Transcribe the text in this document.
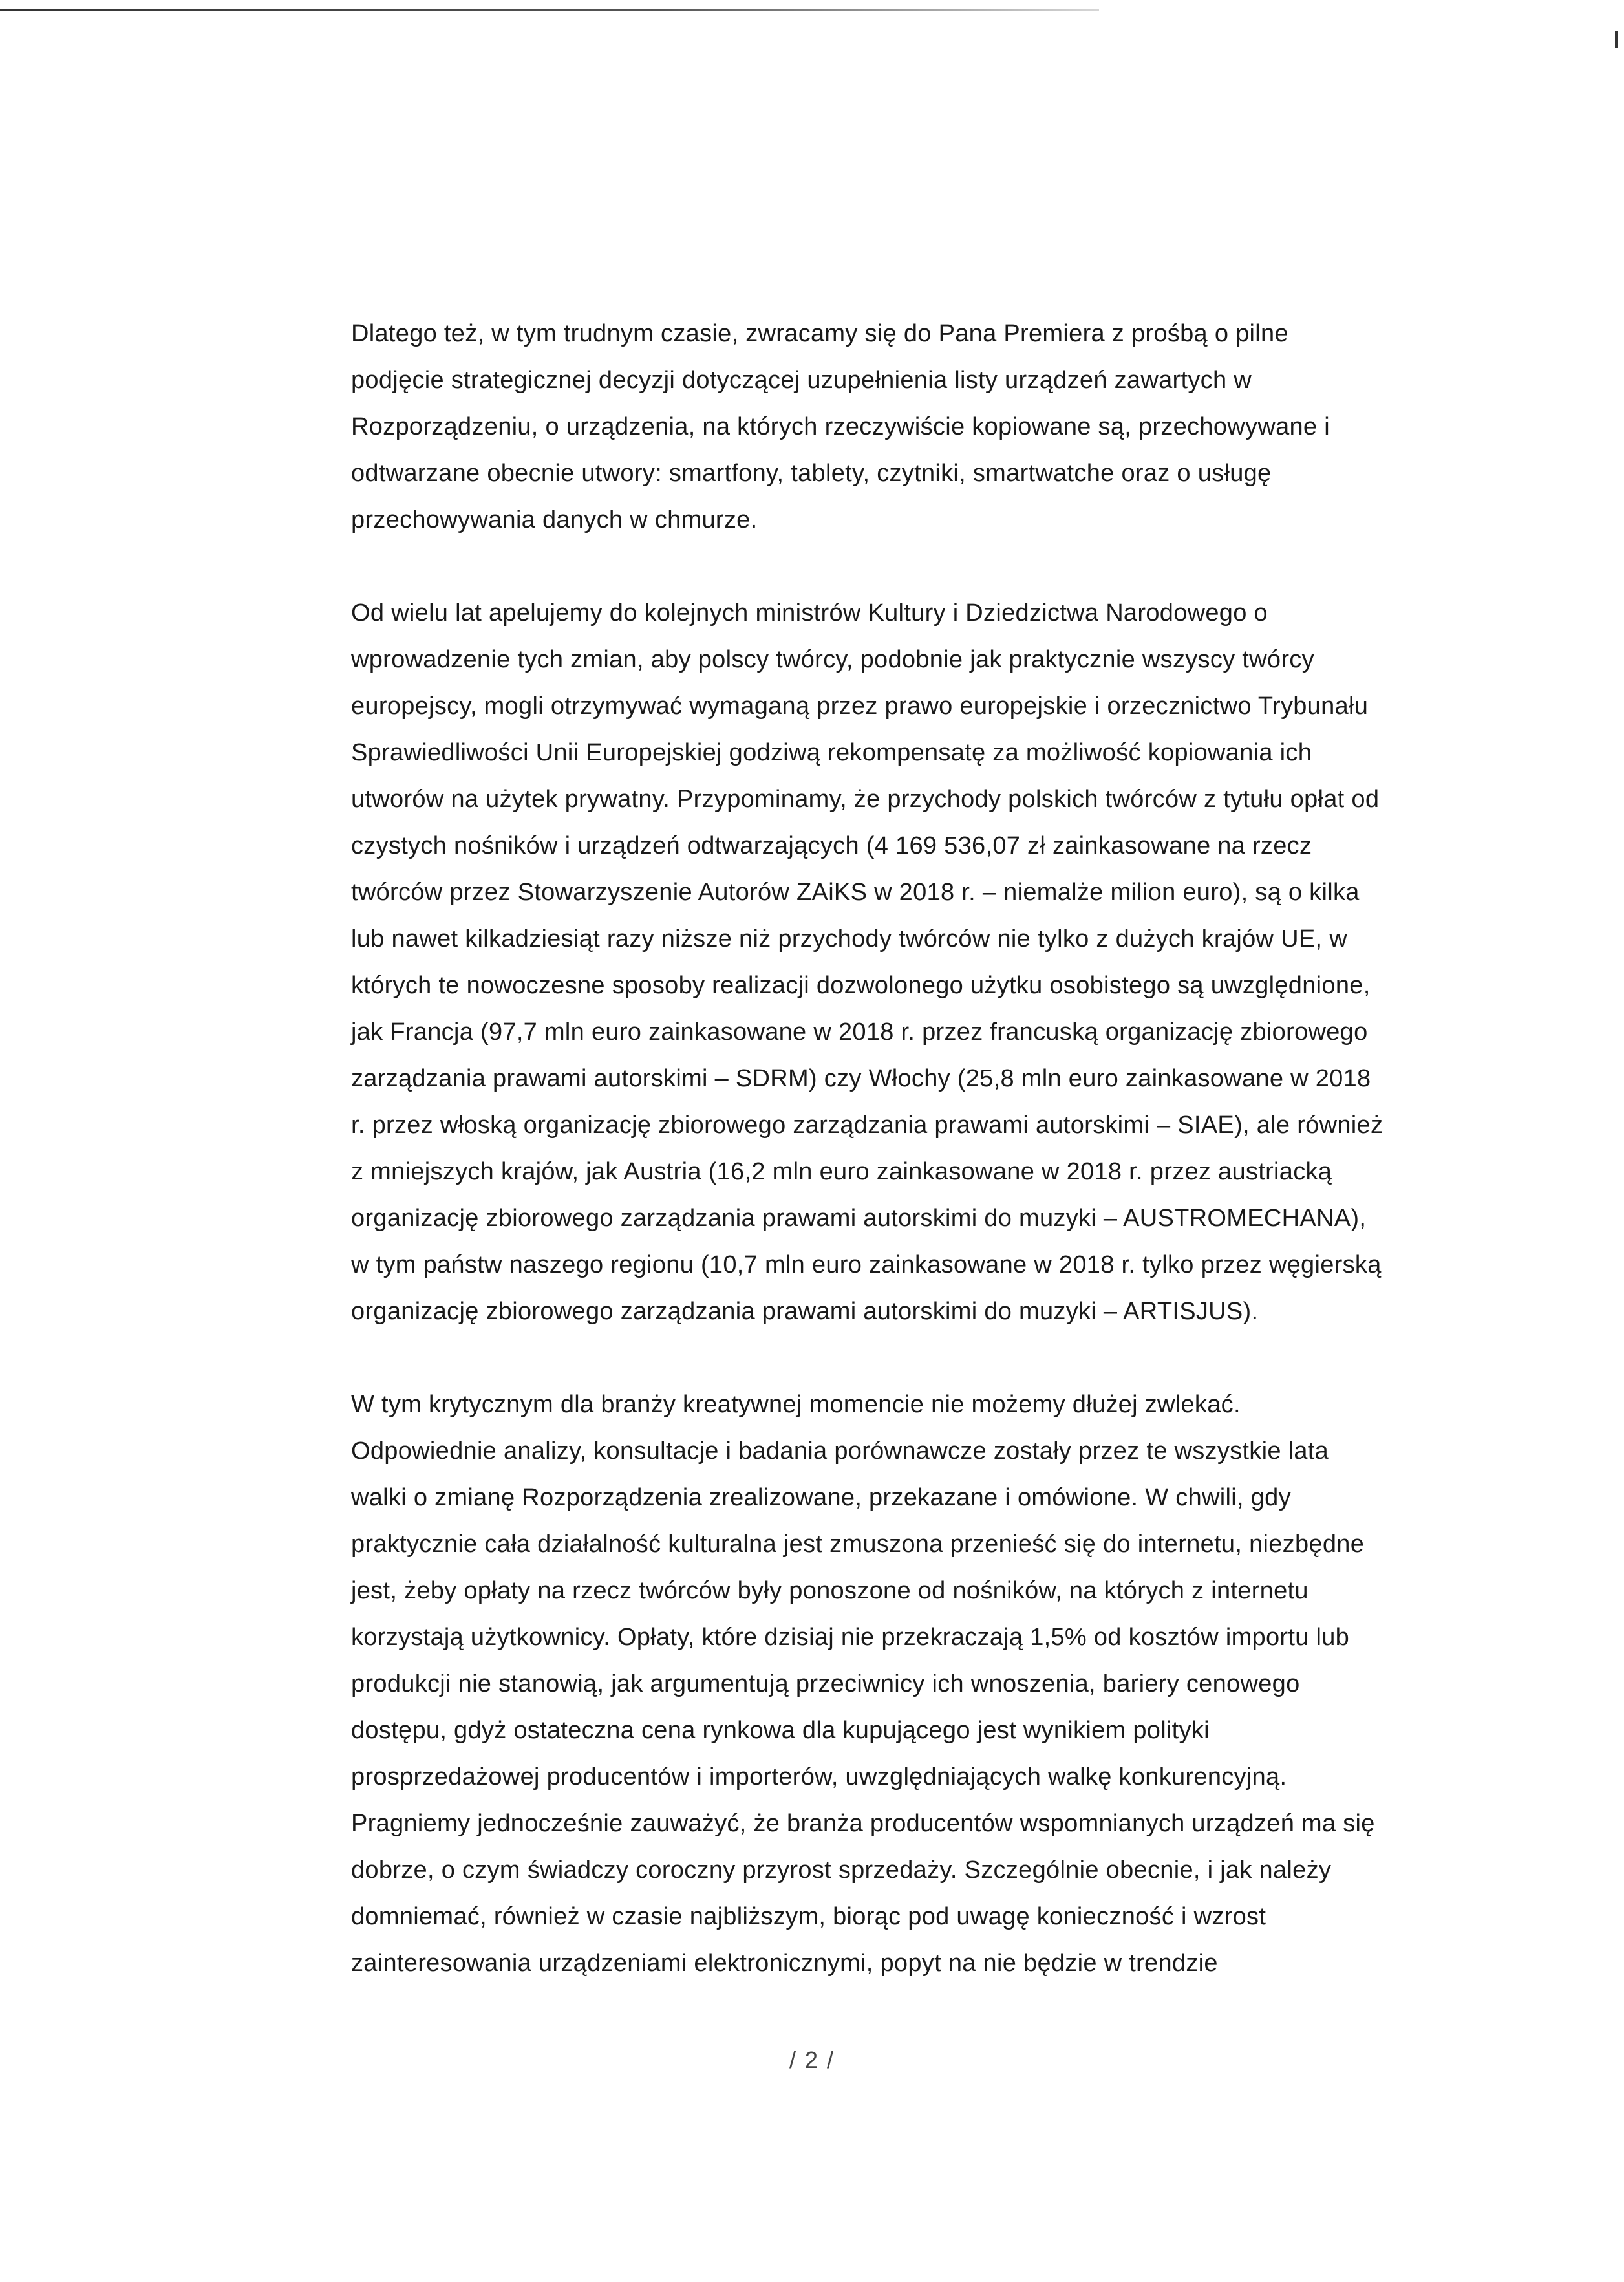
Dlatego też, w tym trudnym czasie, zwracamy się do Pana Premiera z prośbą o pilne podjęcie strategicznej decyzji dotyczącej uzupełnienia listy urządzeń zawartych w Rozporządzeniu, o urządzenia, na których rzeczywiście kopiowane są, przechowywane i odtwarzane obecnie utwory: smartfony, tablety, czytniki, smartwatche oraz o usługę przechowywania danych w chmurze.

Od wielu lat apelujemy do kolejnych ministrów Kultury i Dziedzictwa Narodowego o wprowadzenie tych zmian, aby polscy twórcy, podobnie jak praktycznie wszyscy twórcy europejscy, mogli otrzymywać wymaganą przez prawo europejskie i orzecznictwo Trybunału Sprawiedliwości Unii Europejskiej godziwą rekompensatę za możliwość kopiowania ich utworów na użytek prywatny. Przypominamy, że przychody polskich twórców z tytułu opłat od czystych nośników i urządzeń odtwarzających (4 169 536,07 zł zainkasowane na rzecz twórców przez Stowarzyszenie Autorów ZAiKS w 2018 r. – niemalże milion euro), są o kilka lub nawet kilkadziesiąt razy niższe niż przychody twórców nie tylko z dużych krajów UE, w których te nowoczesne sposoby realizacji dozwolonego użytku osobistego są uwzględnione, jak Francja (97,7 mln euro zainkasowane w 2018 r. przez francuską organizację zbiorowego zarządzania prawami autorskimi – SDRM) czy Włochy (25,8 mln euro zainkasowane w 2018 r. przez włoską organizację zbiorowego zarządzania prawami autorskimi – SIAE), ale również z mniejszych krajów, jak Austria (16,2 mln euro zainkasowane w 2018 r. przez austriacką organizację zbiorowego zarządzania prawami autorskimi do muzyki – AUSTROMECHANA), w tym państw naszego regionu (10,7 mln euro zainkasowane w 2018 r. tylko przez węgierską organizację zbiorowego zarządzania prawami autorskimi do muzyki – ARTISJUS).

W tym krytycznym dla branży kreatywnej momencie nie możemy dłużej zwlekać. Odpowiednie analizy, konsultacje i badania porównawcze zostały przez te wszystkie lata walki o zmianę Rozporządzenia zrealizowane, przekazane i omówione. W chwili, gdy praktycznie cała działalność kulturalna jest zmuszona przenieść się do internetu, niezbędne jest, żeby opłaty na rzecz twórców były ponoszone od nośników, na których z internetu korzystają użytkownicy. Opłaty, które dzisiaj nie przekraczają 1,5% od kosztów importu lub produkcji nie stanowią, jak argumentują przeciwnicy ich wnoszenia, bariery cenowego dostępu, gdyż ostateczna cena rynkowa dla kupującego jest wynikiem polityki prosprzedażowej producentów i importerów, uwzględniających walkę konkurencyjną. Pragniemy jednocześnie zauważyć, że branża producentów wspomnianych urządzeń ma się dobrze, o czym świadczy coroczny przyrost sprzedaży. Szczególnie obecnie, i jak należy domniemać, również w czasie najbliższym, biorąc pod uwagę konieczność i wzrost zainteresowania urządzeniami elektronicznymi, popyt na nie będzie w trendzie

/ 2 /
